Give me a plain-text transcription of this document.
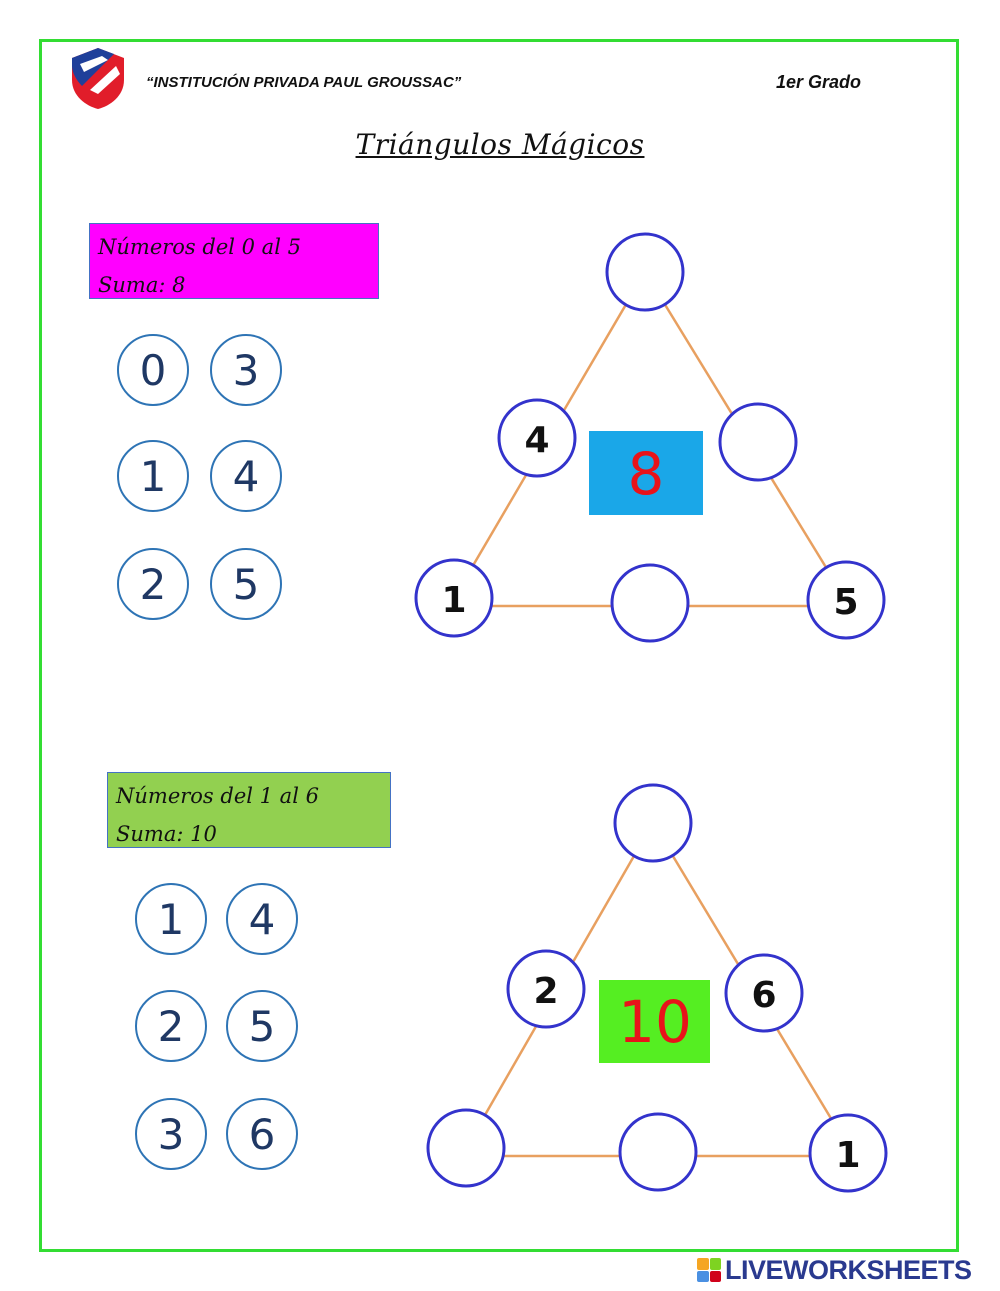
“INSTITUCIÓN PRIVADA PAUL GROUSSAC”	1er Grado
Triángulos Mágicos
Números del 0 al 5
Suma: 8
0	3
1	4
2	5
8
4
1	5
Números del 1 al 6
Suma: 10
1	4
2	5
3	6
10
2	6
1
LIVEWORKSHEETS
